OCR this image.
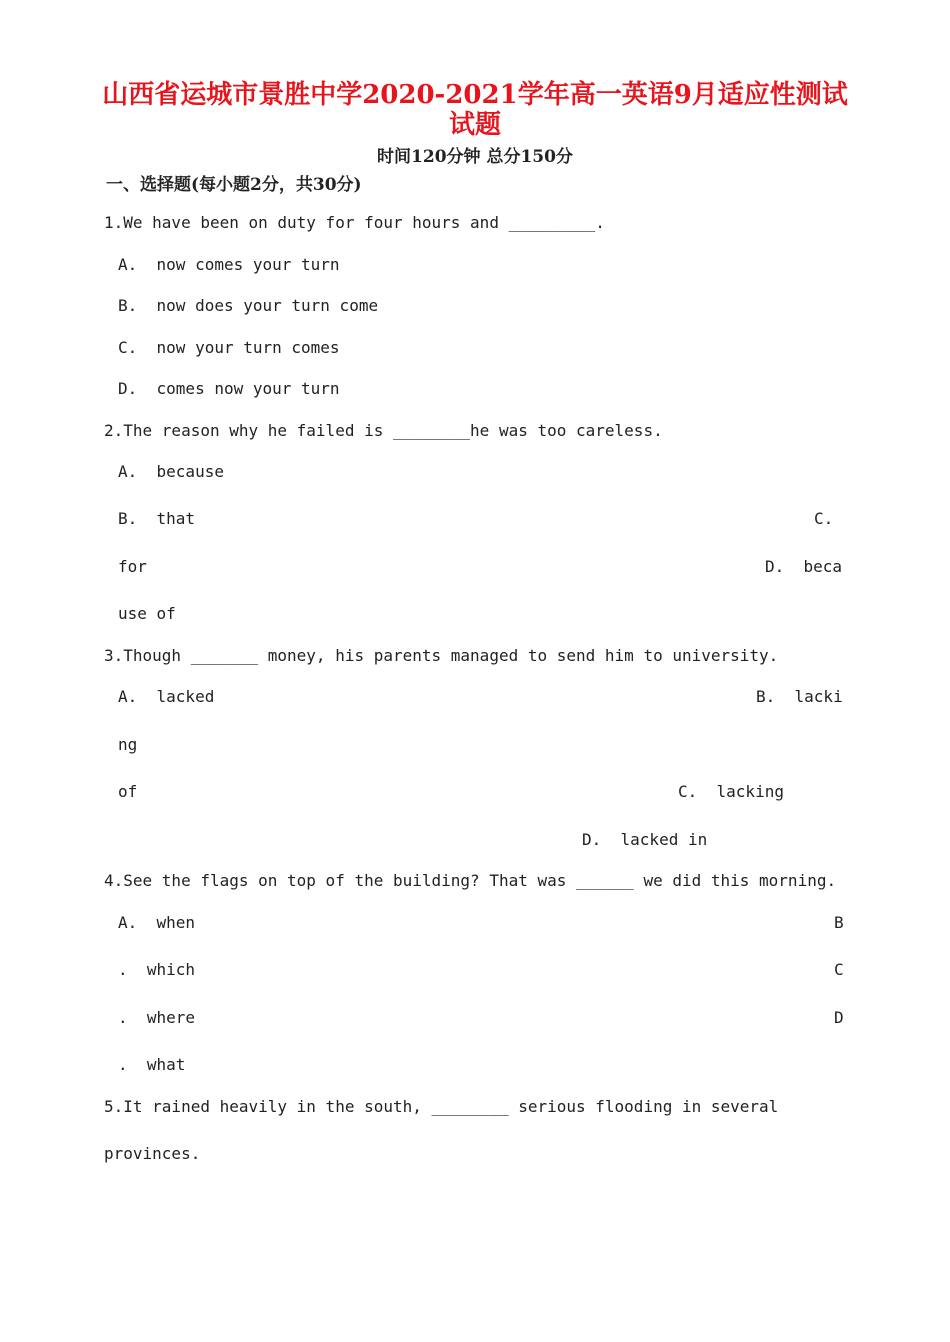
山西省运城市景胜中学2020-2021学年高一英语9月适应性测试
试题
时间120分钟 总分150分
一、选择题(每小题2分，共30分)
1.We have been on duty for four hours and _________.
A.  now comes your turn
B.  now does your turn come
C.  now your turn comes
D.  comes now your turn
2.The reason why he failed is ________he was too careless.
A.  because
B.  that	C.
for	D.  beca
use of
3.Though _______ money, his parents managed to send him to university.
A.  lacked	B.  lacki
ng
of	C.  lacking
D.  lacked in
4.See the flags on top of the building? That was ______ we did this morning.
A.  when	B
.  which	C
.  where	D
.  what
5.It rained heavily in the south, ________ serious flooding in several
provinces.
